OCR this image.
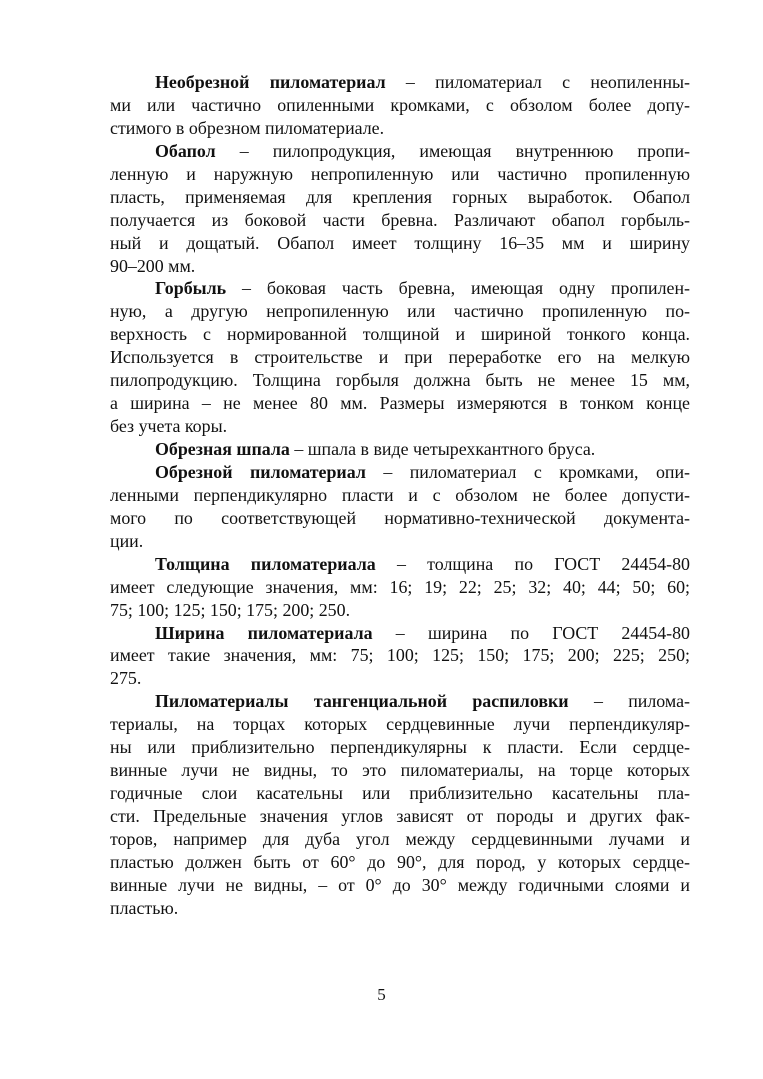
Необрезной пиломатериал – пиломатериал с неопиленны-
ми или частично опиленными кромками, с обзолом более допу-
стимого в обрезном пиломатериале.
Обапол – пилопродукция, имеющая внутреннюю пропи-
ленную и наружную непропиленную или частично пропиленную
пласть, применяемая для крепления горных выработок. Обапол
получается из боковой части бревна. Различают обапол горбыль-
ный и дощатый. Обапол имеет толщину 16–35 мм и ширину
90–200 мм.
Горбыль – боковая часть бревна, имеющая одну пропилен-
ную, а другую непропиленную или частично пропиленную по-
верхность с нормированной толщиной и шириной тонкого конца.
Используется в строительстве и при переработке его на мелкую
пилопродукцию. Толщина горбыля должна быть не менее 15 мм,
а ширина – не менее 80 мм. Размеры измеряются в тонком конце
без учета коры.
Обрезная шпала – шпала в виде четырехкантного бруса.
Обрезной пиломатериал – пиломатериал с кромками, опи-
ленными перпендикулярно пласти и с обзолом не более допусти-
мого по соответствующей нормативно-технической документа-
ции.
Толщина пиломатериала – толщина по ГОСТ 24454-80
имеет следующие значения, мм: 16; 19; 22; 25; 32; 40; 44; 50; 60;
75; 100; 125; 150; 175; 200; 250.
Ширина пиломатериала – ширина по ГОСТ 24454-80
имеет такие значения, мм: 75; 100; 125; 150; 175; 200; 225; 250;
275.
Пиломатериалы тангенциальной распиловки – пилома-
териалы, на торцах которых сердцевинные лучи перпендикуляр-
ны или приблизительно перпендикулярны к пласти. Если сердце-
винные лучи не видны, то это пиломатериалы, на торце которых
годичные слои касательны или приблизительно касательны пла-
сти. Предельные значения углов зависят от породы и других фак-
торов, например для дуба угол между сердцевинными лучами и
пластью должен быть от 60° до 90°, для пород, у которых сердце-
винные лучи не видны, – от 0° до 30° между годичными слоями и
пластью.
5
